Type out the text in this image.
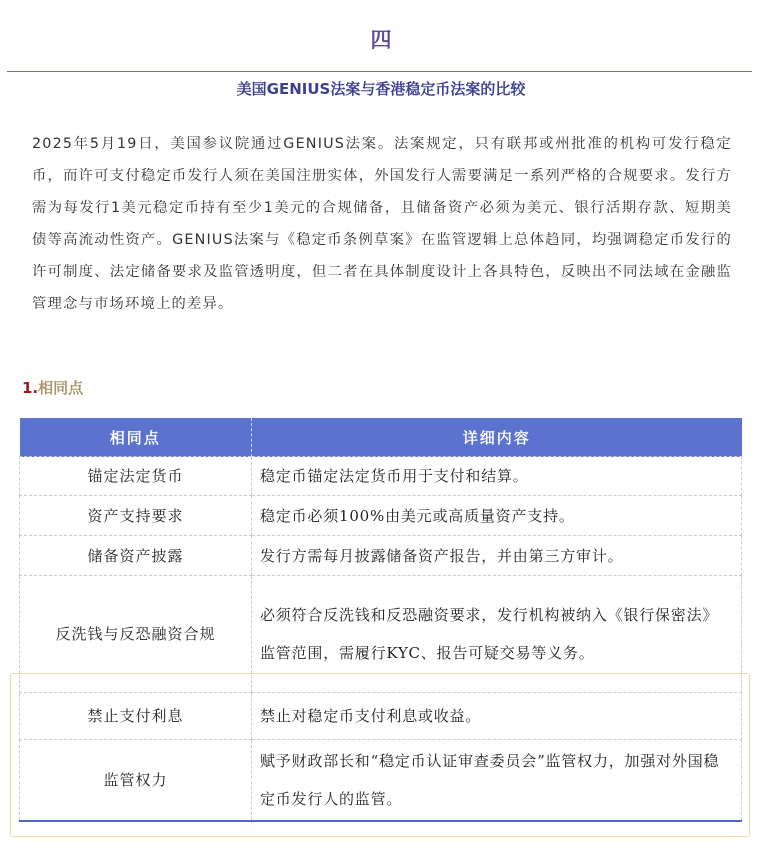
四
美国GENIUS法案与香港稳定币法案的比较

2025年5月19日，美国参议院通过GENIUS法案。法案规定，只有联邦或州批准的机构可发行稳定币，而许可支付稳定币发行人须在美国注册实体，外国发行人需要满足一系列严格的合规要求。发行方需为每发行1美元稳定币持有至少1美元的合规储备，且储备资产必须为美元、银行活期存款、短期美债等高流动性资产。GENIUS法案与《稳定币条例草案》在监管逻辑上总体趋同，均强调稳定币发行的许可制度、法定储备要求及监管透明度，但二者在具体制度设计上各具特色，反映出不同法域在金融监管理念与市场环境上的差异。

1.相同点
相同点	详细内容
锚定法定货币	稳定币锚定法定货币用于支付和结算。
资产支持要求	稳定币必须100%由美元或高质量资产支持。
储备资产披露	发行方需每月披露储备资产报告，并由第三方审计。
反洗钱与反恐融资合规	必须符合反洗钱和反恐融资要求，发行机构被纳入《银行保密法》监管范围，需履行KYC、报告可疑交易等义务。
禁止支付利息	禁止对稳定币支付利息或收益。
监管权力	赋予财政部长和“稳定币认证审查委员会”监管权力，加强对外国稳定币发行人的监管。
